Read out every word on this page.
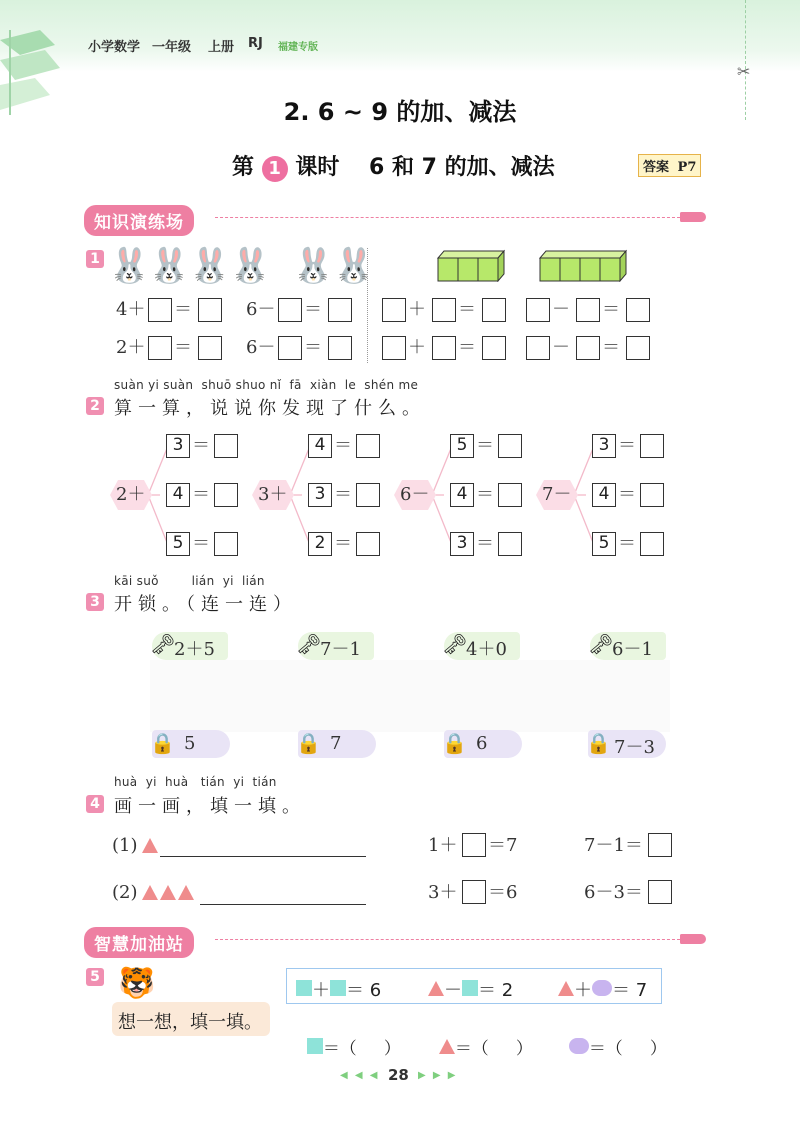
✂
小学数学 一年级 上册 RJ 福建专版
2. 6 ~ 9 的加、减法
第 1 课时 6 和 7 的加、减法	答案 P7
知识演练场
1 🐰🐰🐰🐰 🐰🐰
4＋ ＝	6－ ＝	＋ ＝	－ ＝
2＋ ＝	6－ ＝	＋ ＝	－ ＝
suàn yi suàn  shuō shuo nǐ  fā  xiàn  le  shén me
2 算一算，说说你发现了什么。
2＋
3 ＝
4 ＝
5 ＝
3＋
4 ＝
3 ＝
2 ＝
6－
5 ＝
4 ＝
3 ＝
7－
3 ＝
4 ＝
5 ＝
kāi suǒ        lián  yi  lián
3 开锁。（连一连）
2＋5
🗝	7－1
🗝	4＋0
🗝	6－1
🗝
5
🔒	7
🔒	6
🔒	7－3
🔒
huà  yi  huà   tián  yi  tián
4 画一画，填一填。
(1)	1＋ ＝7	7－1＝
(2)	3＋ ＝6	6－3＝
智慧加油站
5 🐯
想一想，填一填。
＋ ＝ 6	－ ＝ 2	＋ ＝ 7

＝（     ）	＝（     ）	＝（     ）

◀ ◀ ◀ 28 ▶ ▶ ▶
